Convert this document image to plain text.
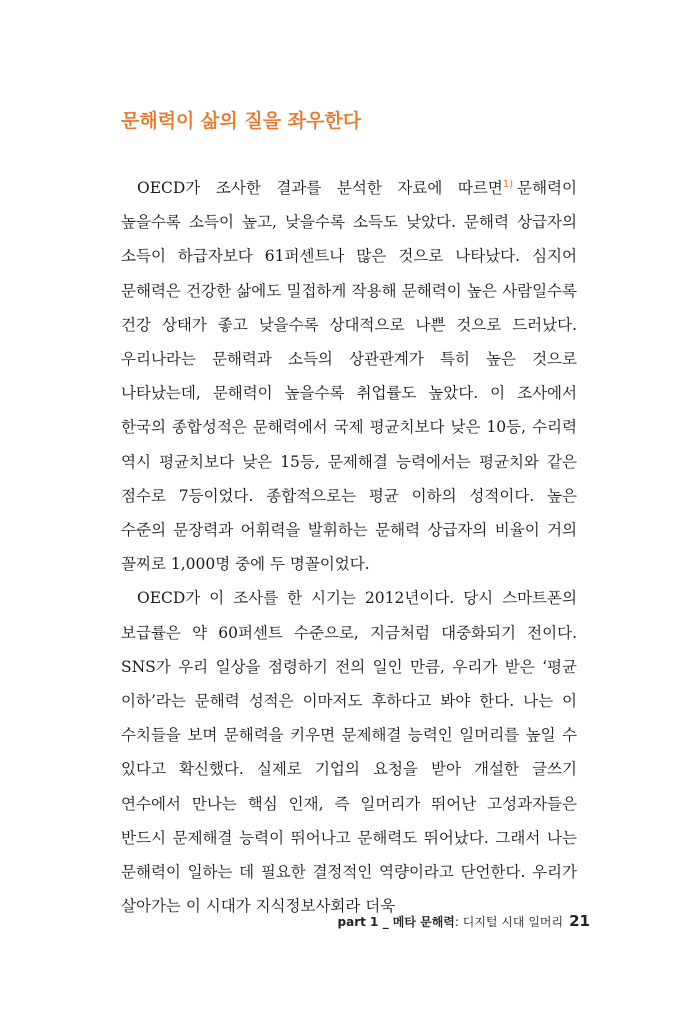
문해력이 삶의 질을 좌우한다

OECD가 조사한 결과를 분석한 자료에 따르면$^{1)}$ 문해력이 높을수록 소득이 높고, 낮을수록 소득도 낮았다. 문해력 상급자의 소득이 하급자보다 61퍼센트나 많은 것으로 나타났다. 심지어 문해력은 건강한 삶에도 밀접하게 작용해 문해력이 높은 사람일수록 건강 상태가 좋고 낮을수록 상대적으로 나쁜 것으로 드러났다. 우리나라는 문해력과 소득의 상관관계가 특히 높은 것으로 나타났는데, 문해력이 높을수록 취업률도 높았다. 이 조사에서 한국의 종합성적은 문해력에서 국제 평균치보다 낮은 10등, 수리력 역시 평균치보다 낮은 15등, 문제해결 능력에서는 평균치와 같은 점수로 7등이었다. 종합적으로는 평균 이하의 성적이다. 높은 수준의 문장력과 어휘력을 발휘하는 문해력 상급자의 비율이 거의 꼴찌로 1,000명 중에 두 명꼴이었다.

OECD가 이 조사를 한 시기는 2012년이다. 당시 스마트폰의 보급률은 약 60퍼센트 수준으로, 지금처럼 대중화되기 전이다. SNS가 우리 일상을 점령하기 전의 일인 만큼, 우리가 받은 ‘평균 이하’라는 문해력 성적은 이마저도 후하다고 봐야 한다. 나는 이 수치들을 보며 문해력을 키우면 문제해결 능력인 일머리를 높일 수 있다고 확신했다. 실제로 기업의 요청을 받아 개설한 글쓰기 연수에서 만나는 핵심 인재, 즉 일머리가 뛰어난 고성과자들은 반드시 문제해결 능력이 뛰어나고 문해력도 뛰어났다. 그래서 나는 문해력이 일하는 데 필요한 결정적인 역량이라고 단언한다. 우리가 살아가는 이 시대가 지식정보사회라 더욱

part 1 _ 메타 문해력: 디지털 시대 일머리 21
